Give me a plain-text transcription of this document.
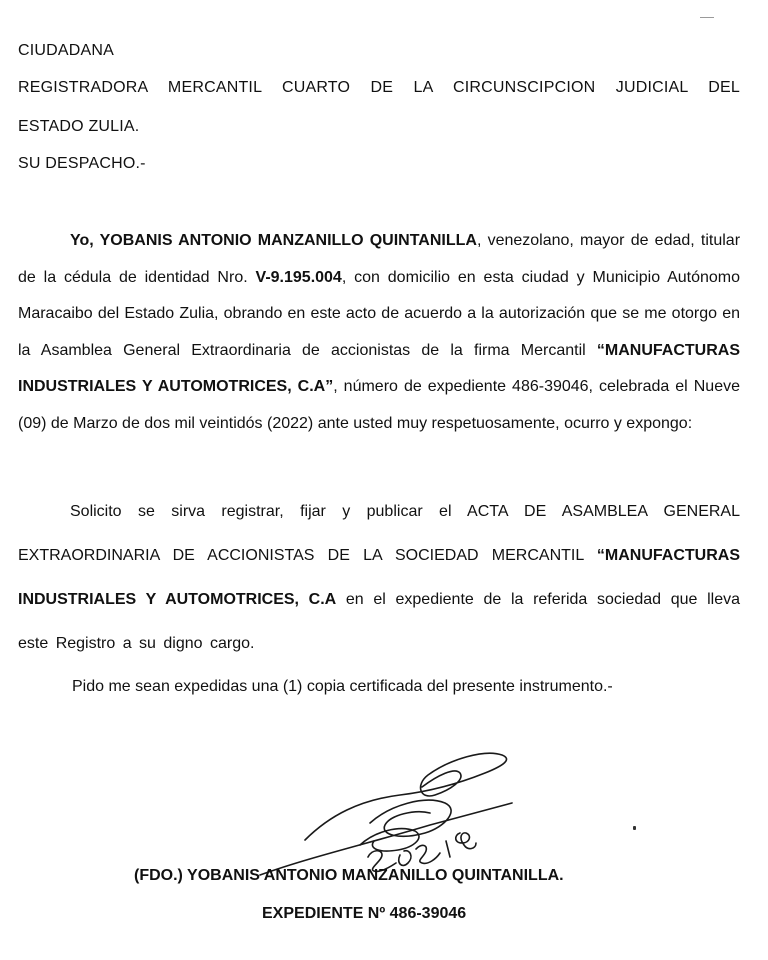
CIUDADANA

REGISTRADORA MERCANTIL CUARTO DE LA CIRCUNSCIPCION JUDICIAL DEL

ESTADO ZULIA.

SU DESPACHO.-

Yo, YOBANIS ANTONIO MANZANILLO QUINTANILLA, venezolano, mayor de edad, titular de la cédula de identidad Nro. V-9.195.004, con domicilio en esta ciudad y Municipio Autónomo Maracaibo del Estado Zulia, obrando en este acto de acuerdo a la autorización que se me otorgo en la Asamblea General Extraordinaria de accionistas de la firma Mercantil “MANUFACTURAS INDUSTRIALES Y AUTOMOTRICES, C.A”, número de expediente 486-39046, celebrada el Nueve (09) de Marzo de dos mil veintidós (2022) ante usted muy respetuosamente, ocurro y expongo:

Solicito se sirva registrar, fijar y publicar el ACTA DE ASAMBLEA GENERAL EXTRAORDINARIA DE ACCIONISTAS DE LA SOCIEDAD MERCANTIL “MANUFACTURAS INDUSTRIALES Y AUTOMOTRICES, C.A en el expediente de la referida sociedad que lleva este Registro a su digno cargo.

Pido me sean expedidas una (1) copia certificada del presente instrumento.-

(FDO.) YOBANIS ANTONIO MANZANILLO QUINTANILLA.

EXPEDIENTE Nº 486-39046
